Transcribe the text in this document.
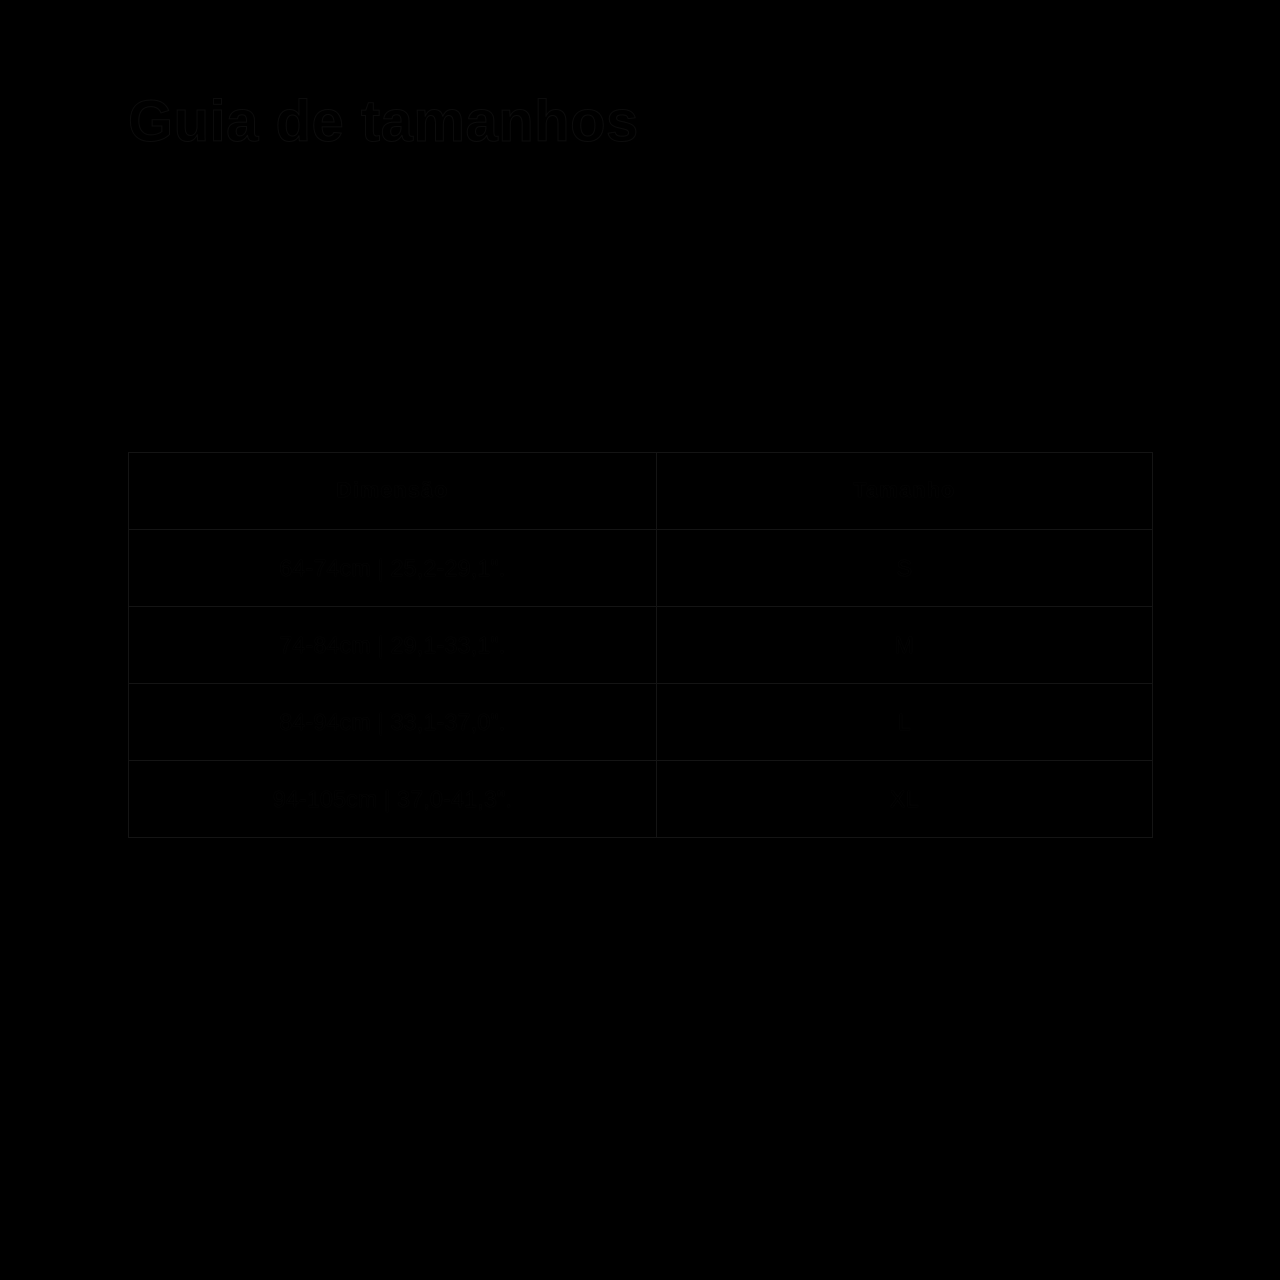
Guia de tamanhos
Dimensão	Tamanho
64-74cm | 25,2-29,1".	S
74-84cm | 29,1-33,1".	M
84-94cm | 33,1-37,0".	L
94-105cm | 37,0-41,3".	XL
